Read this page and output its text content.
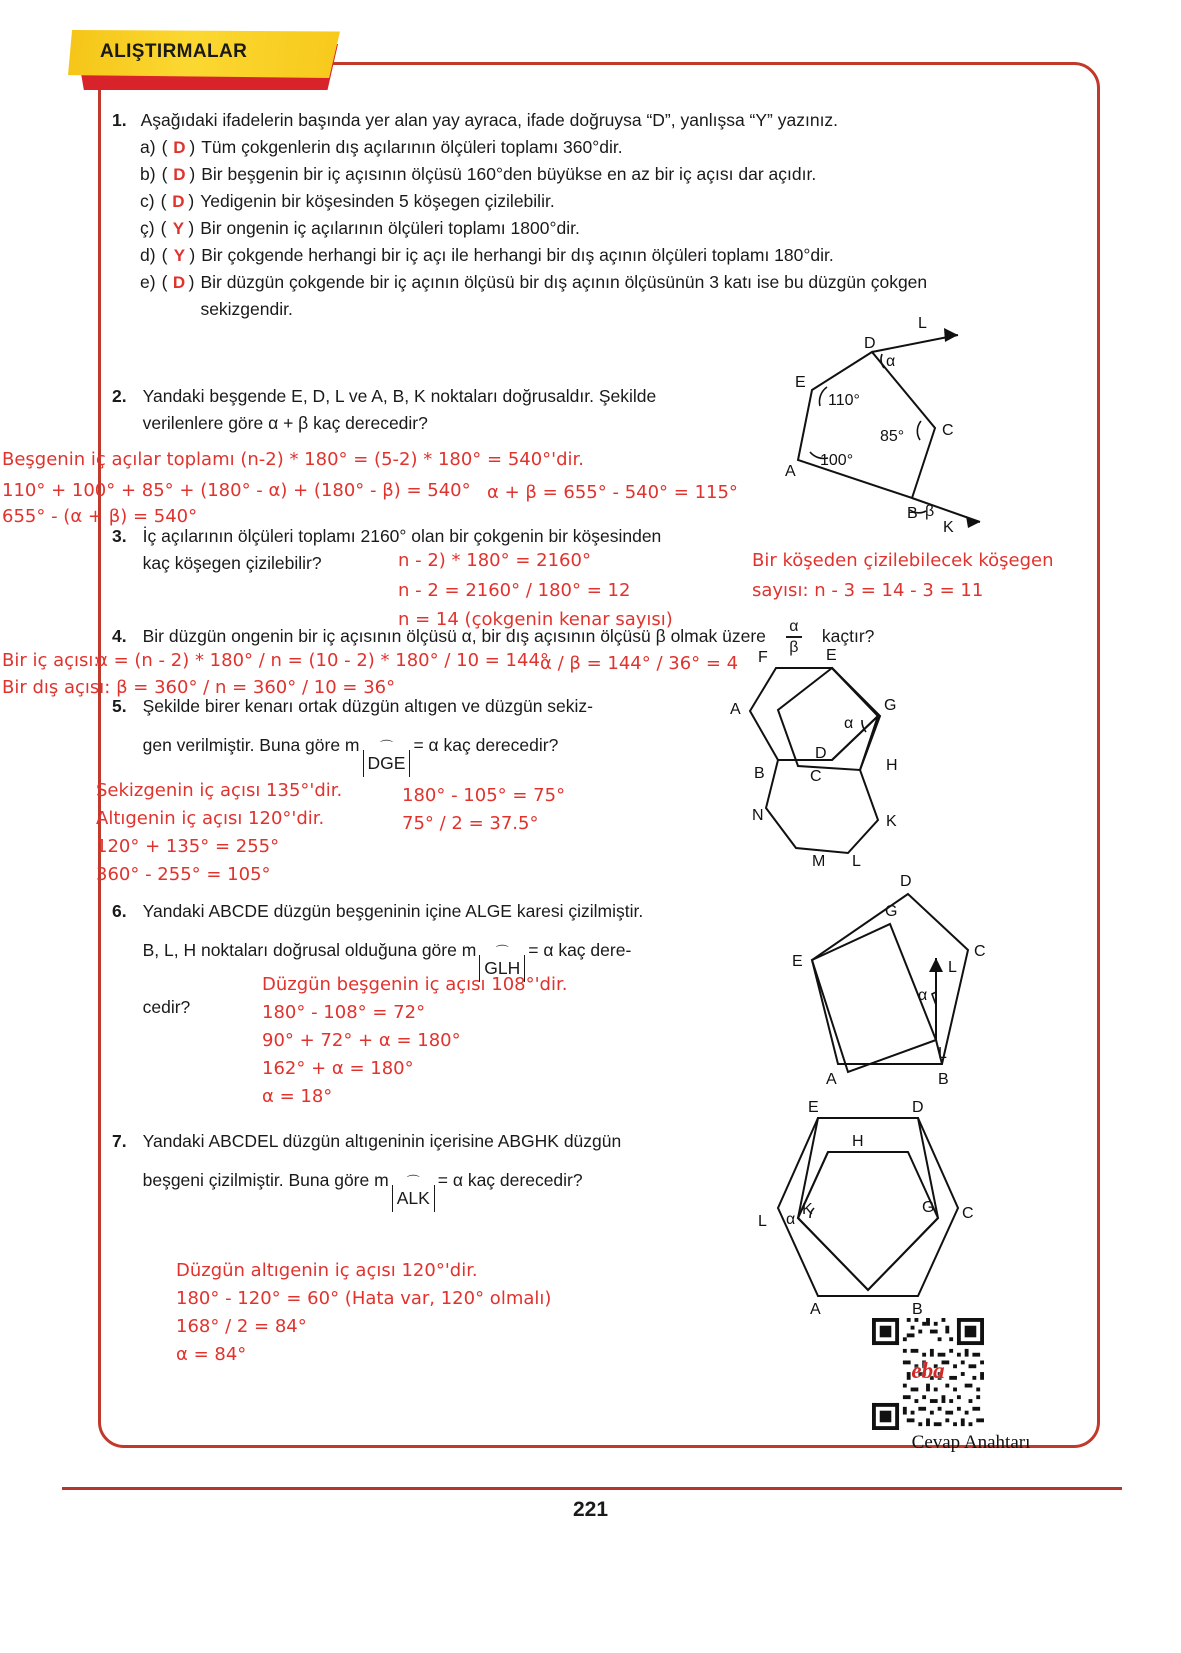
ALIŞTIRMALAR
1. Aşağıdaki ifadelerin başında yer alan yay ayraca, ifade doğruysa “D”, yanlışsa “Y” yazınız.
a) ( D ) Tüm çokgenlerin dış açılarının ölçüleri toplamı 360°dir.
b) ( D ) Bir beşgenin bir iç açısının ölçüsü 160°den büyükse en az bir iç açısı dar açıdır.
c) ( D ) Yedigenin bir köşesinden 5 köşegen çizilebilir.
ç) ( Y ) Bir ongenin iç açılarının ölçüleri toplamı 1800°dir.
d) ( Y ) Bir çokgende herhangi bir iç açı ile herhangi bir dış açının ölçüleri toplamı 180°dir.
e) ( D ) Bir düzgün çokgende bir iç açının ölçüsü bir dış açının ölçüsünün 3 katı ise bu düzgün çokgen sekizgendir.
2. Yandaki beşgende E, D, L ve A, B, K noktaları doğrusaldır. Şekilde
verilenlere göre α + β kaç derecedir?
E
D
L
A
B
K
C
110°
100°
85°
α
β
Beşgenin iç açılar toplamı (n-2) * 180° = (5-2) * 180° = 540°'dir.
110° + 100° + 85° + (180° - α) + (180° - β) = 540°
655° - (α + β) = 540°
α + β = 655° - 540° = 115°
3. İç açılarının ölçüleri toplamı 2160° olan bir çokgenin bir köşesinden
kaç köşegen çizilebilir?	n - 2) * 180° = 2160°
n - 2 = 2160° / 180° = 12
n = 14 (çokgenin kenar sayısı)
Bir köşeden çizilebilecek köşegen
sayısı: n - 3 = 14 - 3 = 11
4. Bir düzgün ongenin bir iç açısının ölçüsü α, bir dış açısının ölçüsü β olmak üzere α
β
kaçtır?
Bir iç açısı:
α = (n - 2) * 180° / n = (10 - 2) * 180° / 10 = 144°
Bir dış açısı: β = 360° / n = 360° / 10 = 36°
α / β = 144° / 36° = 4
5. Şekilde birer kenarı ortak düzgün altıgen ve düzgün sekiz-
gen verilmiştir. Buna göre m ⌒
DGE
= α kaç derecedir?
F	E
A
B	C
D
G
H
K
L
M
N
α
Sekizgenin iç açısı 135°'dir.
Altıgenin iç açısı 120°'dir.
120° + 135° = 255°
360° - 255° = 105°
180° - 105° = 75°
75° / 2 = 37.5°
6. Yandaki ABCDE düzgün beşgeninin içine ALGE karesi çizilmiştir.
B, L, H noktaları doğrusal olduğuna göre m ⌒
GLH
= α kaç dere-
cedir?
D
G
E
C
L
L
A	B
α
Düzgün beşgenin iç açısı 108°'dir.
180° - 108° = 72°
90° + 72° + α = 180°
162° + α = 180°
α = 18°
7. Yandaki ABCDEL düzgün altıgeninin içerisine ABGHK düzgün
beşgeni çizilmiştir. Buna göre m ⌒
ALK
= α kaç derecedir?
E	D
H
L
K	G C
A	B
α
Düzgün altıgenin iç açısı 120°'dir.
180° - 120° = 60° (Hata var, 120° olmalı)
168° / 2 = 84°
α = 84°
eba
Cevap Anahtarı
221
